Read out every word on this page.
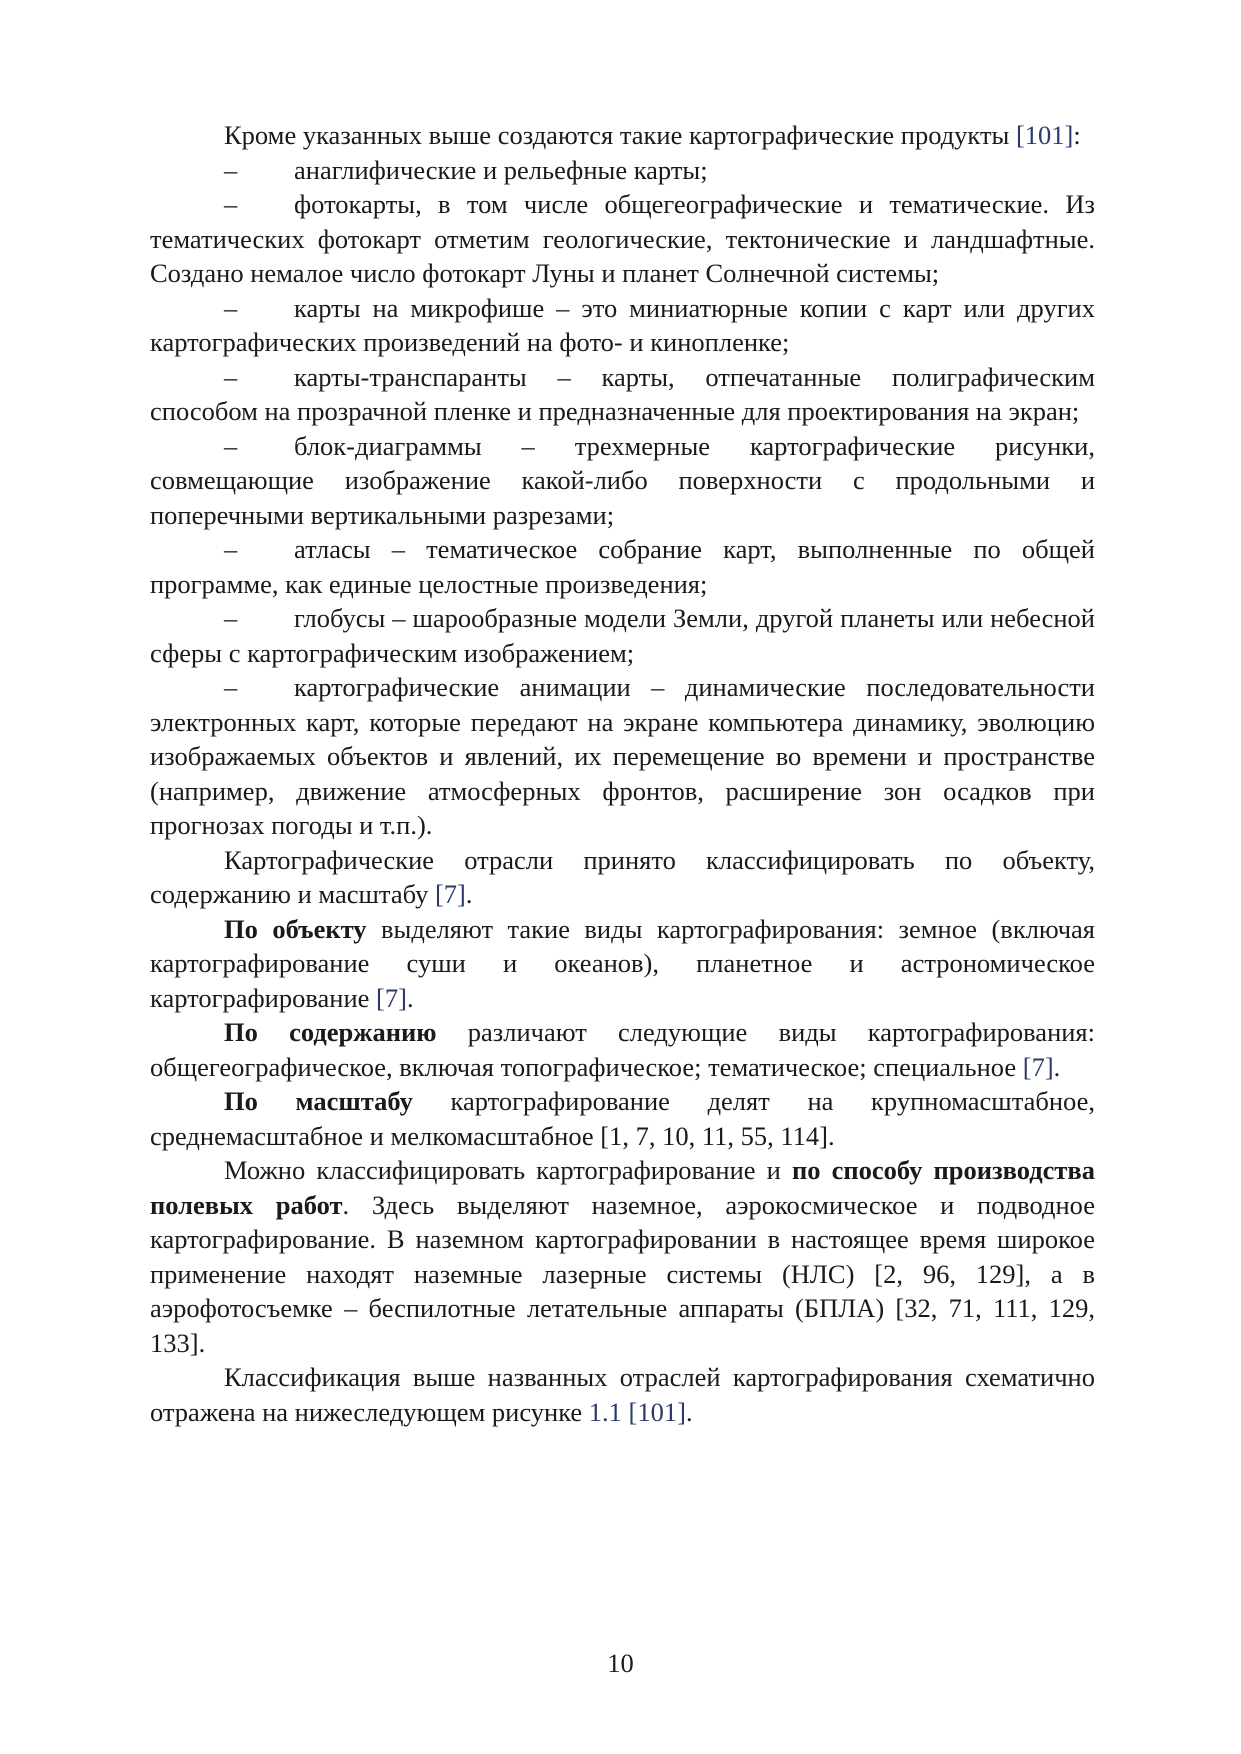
Кроме указанных выше создаются такие картографические продукты [101]:

– анаглифические и рельефные карты;

– фотокарты, в том числе общегеографические и тематические. Из тематических фотокарт отметим геологические, тектонические и ландшафтные. Создано немалое число фотокарт Луны и планет Солнечной системы;

– карты на микрофише – это миниатюрные копии с карт или других картографических произведений на фото- и кинопленке;

– карты-транспаранты – карты, отпечатанные полиграфическим способом на прозрачной пленке и предназначенные для проектирования на экран;

– блок-диаграммы – трехмерные картографические рисунки, совмещающие изображение какой-либо поверхности с продольными и поперечными вертикальными разрезами;

– атласы – тематическое собрание карт, выполненные по общей программе, как единые целостные произведения;

– глобусы – шарообразные модели Земли, другой планеты или небесной сферы с картографическим изображением;

– картографические анимации – динамические последовательности электронных карт, которые передают на экране компьютера динамику, эволюцию изображаемых объектов и явлений, их перемещение во времени и пространстве (например, движение атмосферных фронтов, расширение зон осадков при прогнозах погоды и т.п.).

Картографические отрасли принято классифицировать по объекту, содержанию и масштабу [7].

По объекту выделяют такие виды картографирования: земное (включая картографирование суши и океанов), планетное и астрономическое картографирование [7].

По содержанию различают следующие виды картографирования: общегеографическое, включая топографическое; тематическое; специальное [7].

По масштабу картографирование делят на крупномасштабное, среднемасштабное и мелкомасштабное [1, 7, 10, 11, 55, 114].

Можно классифицировать картографирование и по способу производства полевых работ. Здесь выделяют наземное, аэрокосмическое и подводное картографирование. В наземном картографировании в настоящее время широкое применение находят наземные лазерные системы (НЛС) [2, 96, 129], а в аэрофотосъемке – беспилотные летательные аппараты (БПЛА) [32, 71, 111, 129, 133].

Классификация выше названных отраслей картографирования схематично отражена на нижеследующем рисунке 1.1 [101].

10
